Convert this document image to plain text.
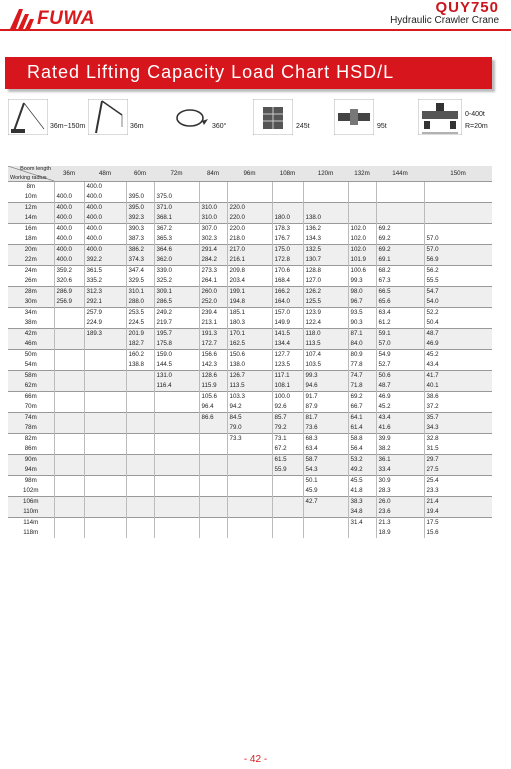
FUWA
QUY750
Hydraulic Crawler Crane
Rated Lifting Capacity Load Chart HSD/L
36m~150m	36m	360°	245t	95t
0-400t
R=20m
Boom length
Working radius	36m	48m	60m	72m	84m	96m	108m	120m	132m	144m	150m
8m		400.0									
10m	400.0	400.0	395.0	375.0							
12m	400.0	400.0	395.0	371.0	310.0	220.0					
14m	400.0	400.0	392.3	368.1	310.0	220.0	180.0	138.0			
16m	400.0	400.0	390.3	367.2	307.0	220.0	178.3	136.2	102.0	69.2	
18m	400.0	400.0	387.3	365.3	302.3	218.0	176.7	134.3	102.0	69.2	57.0
20m	400.0	400.0	386.2	364.6	291.4	217.0	175.0	132.5	102.0	69.2	57.0
22m	400.0	392.2	374.3	362.0	284.2	216.1	172.8	130.7	101.9	69.1	56.9
24m	359.2	361.5	347.4	339.0	273.3	209.8	170.6	128.8	100.6	68.2	56.2
26m	320.6	335.2	329.5	325.2	264.1	203.4	168.4	127.0	99.3	67.3	55.5
28m	286.9	312.3	310.1	309.1	260.0	199.1	166.2	126.2	98.0	66.5	54.7
30m	256.9	292.1	288.0	286.5	252.0	194.8	164.0	125.5	96.7	65.6	54.0
34m		257.9	253.5	249.2	239.4	185.1	157.0	123.9	93.5	63.4	52.2
38m		224.9	224.5	219.7	213.1	180.3	149.9	122.4	90.3	61.2	50.4
42m		189.3	201.9	195.7	191.3	170.1	141.5	118.0	87.1	59.1	48.7
46m			182.7	175.8	172.7	162.5	134.4	113.5	84.0	57.0	46.9
50m			160.2	159.0	156.6	150.6	127.7	107.4	80.9	54.9	45.2
54m			138.8	144.5	142.3	138.0	123.5	103.5	77.8	52.7	43.4
58m				131.0	128.6	126.7	117.1	99.3	74.7	50.6	41.7
62m				116.4	115.9	113.5	108.1	94.6	71.8	48.7	40.1
66m					105.6	103.3	100.0	91.7	69.2	46.9	38.6
70m					96.4	94.2	92.6	87.9	66.7	45.2	37.2
74m					86.6	84.5	85.7	81.7	64.1	43.4	35.7
78m						79.0	79.2	73.6	61.4	41.6	34.3
82m						73.3	73.1	68.3	58.8	39.9	32.8
86m							67.2	63.4	56.4	38.2	31.5
90m							61.5	58.7	53.2	36.1	29.7
94m							55.9	54.3	49.2	33.4	27.5
98m								50.1	45.5	30.9	25.4
102m								45.9	41.8	28.3	23.3
106m								42.7	38.3	26.0	21.4
110m									34.8	23.6	19.4
114m									31.4	21.3	17.5
118m										18.9	15.6
- 42 -
